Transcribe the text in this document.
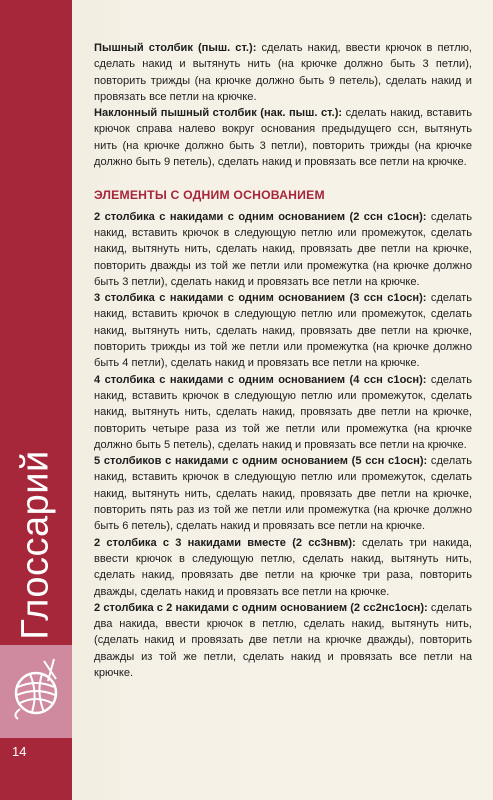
Глоссарий
14

Пышный столбик (пыш. ст.): сделать накид, ввести крючок в петлю, сделать накид и вытянуть нить (на крючке должно быть 3 петли), повторить трижды (на крючке должно быть 9 петель), сделать накид и провязать все петли на крючке.

Наклонный пышный столбик (нак. пыш. ст.): сделать накид, вставить крючок справа налево вокруг основания предыдущего ссн, вытянуть нить (на крючке должно быть 3 петли), повторить трижды (на крючке должно быть 9 петель), сделать накид и провязать все петли на крючке.

ЭЛЕМЕНТЫ С ОДНИМ ОСНОВАНИЕМ

2 столбика с накидами с одним основанием (2 ссн с1осн): сделать накид, вставить крючок в следующую петлю или промежуток, сделать накид, вытянуть нить, сделать накид, провязать две петли на крючке, повторить дважды из той же петли или промежутка (на крючке должно быть 3 петли), сделать накид и провязать все петли на крючке.

3 столбика с накидами с одним основанием (3 ссн с1осн): сделать накид, вставить крючок в следующую петлю или промежуток, сделать накид, вытянуть нить, сделать накид, провязать две петли на крючке, повторить трижды из той же петли или промежутка (на крючке должно быть 4 петли), сделать накид и провязать все петли на крючке.

4 столбика с накидами с одним основанием (4 ссн с1осн): сделать накид, вставить крючок в следующую петлю или промежуток, сделать накид, вытянуть нить, сделать накид, провязать две петли на крючке, повторить четыре раза из той же петли или промежутка (на крючке должно быть 5 петель), сделать накид и провязать все петли на крючке.

5 столбиков с накидами с одним основанием (5 ссн с1осн): сделать накид, вставить крючок в следующую петлю или промежуток, сделать накид, вытянуть нить, сделать накид, провязать две петли на крючке, повторить пять раз из той же петли или промежутка (на крючке должно быть 6 петель), сделать накид и провязать все петли на крючке.

2 столбика с 3 накидами вместе (2 сс3нвм): сделать три накида, ввести крючок в следующую петлю, сделать накид, вытянуть нить, сделать накид, провязать две петли на крючке три раза, повторить дважды, сделать накид и провязать все петли на крючке.

2 столбика с 2 накидами с одним основанием (2 сс2нс1осн): сделать два накида, ввести крючок в петлю, сделать накид, вытянуть нить, (сделать накид и провязать две петли на крючке дважды), повторить дважды из той же петли, сделать накид и провязать все петли на крючке.
